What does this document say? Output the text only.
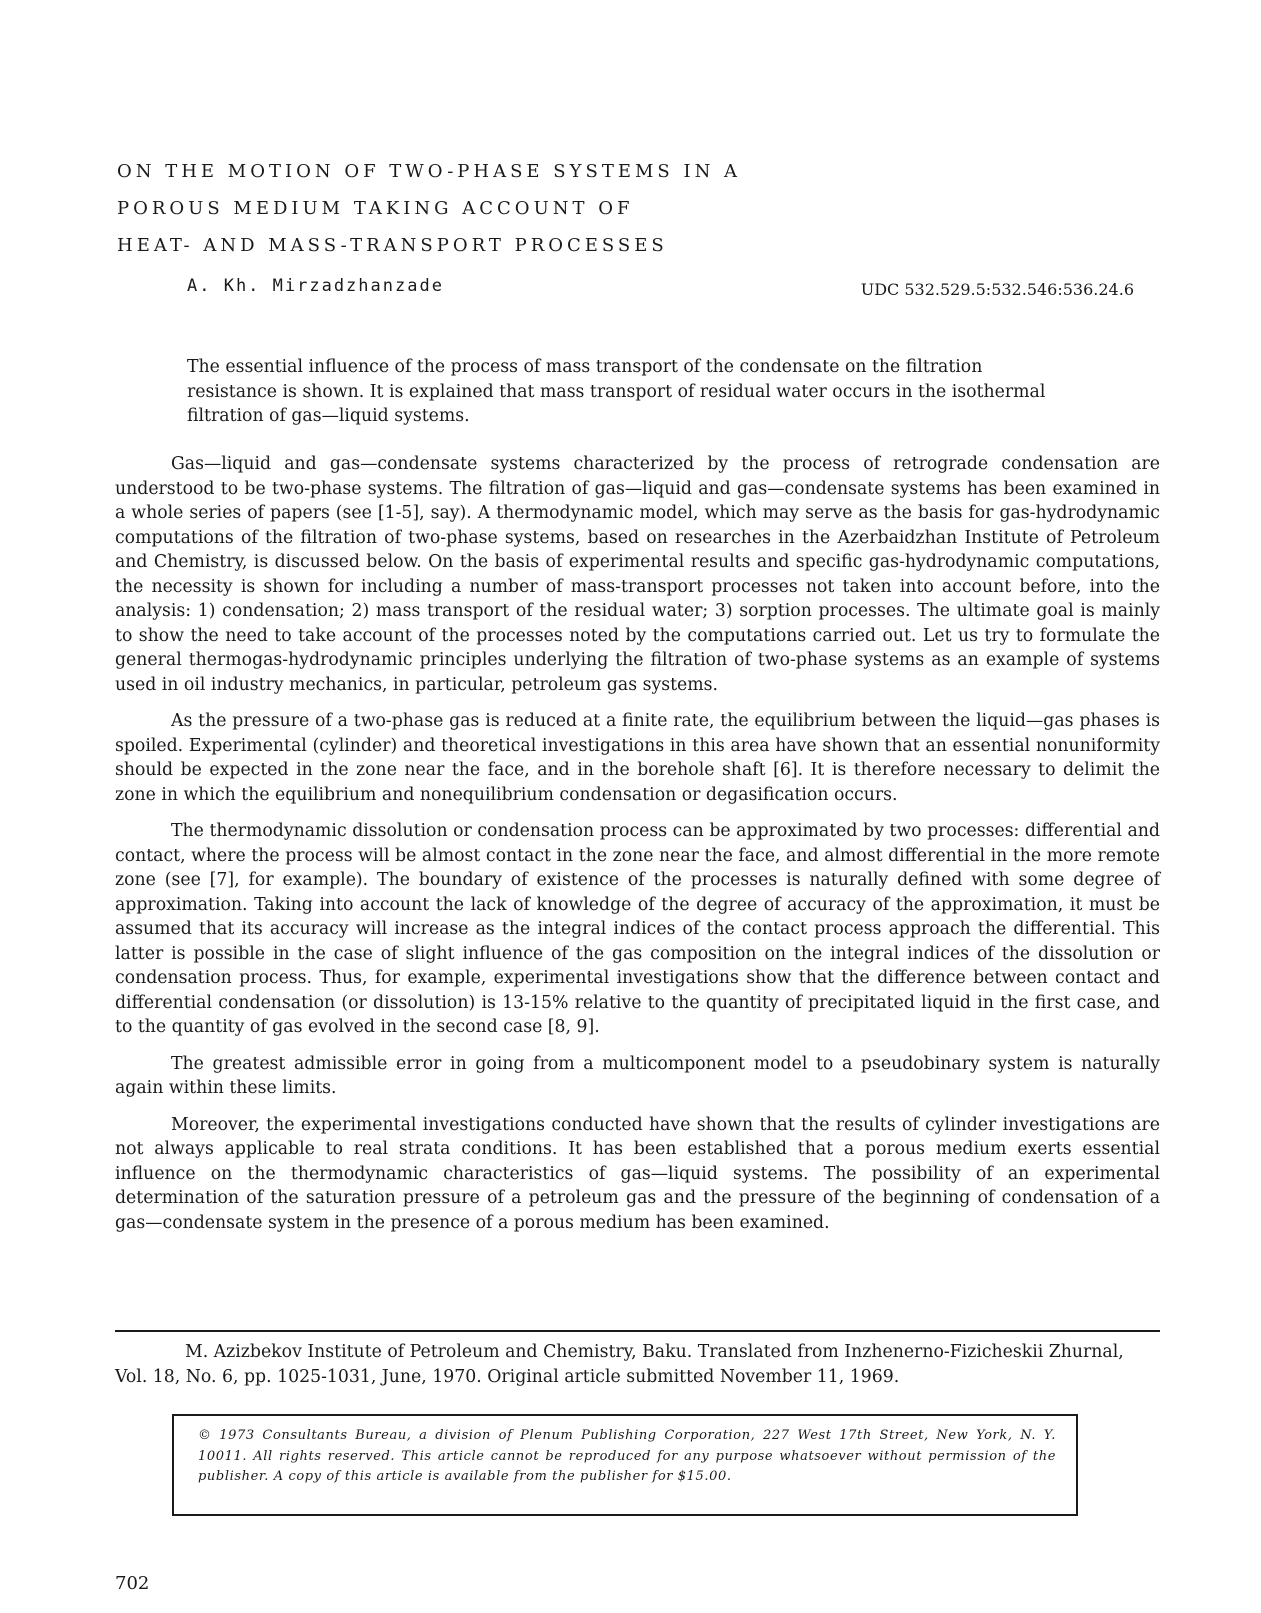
ON THE MOTION OF TWO-PHASE SYSTEMS IN A
POROUS MEDIUM TAKING ACCOUNT OF
HEAT- AND MASS-TRANSPORT PROCESSES
A. Kh. Mirzadzhanzade	UDC 532.529.5:532.546:536.24.6

The essential influence of the process of mass transport of the condensate on the filtration resistance is shown. It is explained that mass transport of residual water occurs in the isothermal filtration of gas—liquid systems.

Gas—liquid and gas—condensate systems characterized by the process of retrograde condensation are understood to be two-phase systems. The filtration of gas—liquid and gas—condensate systems has been examined in a whole series of papers (see [1-5], say). A thermodynamic model, which may serve as the basis for gas-hydrodynamic computations of the filtration of two-phase systems, based on researches in the Azerbaidzhan Institute of Petroleum and Chemistry, is discussed below. On the basis of experimental results and specific gas-hydrodynamic computations, the necessity is shown for including a number of mass-transport processes not taken into account before, into the analysis: 1) condensation; 2) mass transport of the residual water; 3) sorption processes. The ultimate goal is mainly to show the need to take account of the processes noted by the computations carried out. Let us try to formulate the general thermogas-hydrodynamic principles underlying the filtration of two-phase systems as an example of systems used in oil industry mechanics, in particular, petroleum gas systems.

As the pressure of a two-phase gas is reduced at a finite rate, the equilibrium between the liquid—gas phases is spoiled. Experimental (cylinder) and theoretical investigations in this area have shown that an essential nonuniformity should be expected in the zone near the face, and in the borehole shaft [6]. It is therefore necessary to delimit the zone in which the equilibrium and nonequilibrium condensation or degasification occurs.

The thermodynamic dissolution or condensation process can be approximated by two processes: differential and contact, where the process will be almost contact in the zone near the face, and almost differential in the more remote zone (see [7], for example). The boundary of existence of the processes is naturally defined with some degree of approximation. Taking into account the lack of knowledge of the degree of accuracy of the approximation, it must be assumed that its accuracy will increase as the integral indices of the contact process approach the differential. This latter is possible in the case of slight influence of the gas composition on the integral indices of the dissolution or condensation process. Thus, for example, experimental investigations show that the difference between contact and differential condensation (or dissolution) is 13-15% relative to the quantity of precipitated liquid in the first case, and to the quantity of gas evolved in the second case [8, 9].

The greatest admissible error in going from a multicomponent model to a pseudobinary system is naturally again within these limits.

Moreover, the experimental investigations conducted have shown that the results of cylinder investigations are not always applicable to real strata conditions. It has been established that a porous medium exerts essential influence on the thermodynamic characteristics of gas—liquid systems. The possibility of an experimental determination of the saturation pressure of a petroleum gas and the pressure of the beginning of condensation of a gas—condensate system in the presence of a porous medium has been examined.

M. Azizbekov Institute of Petroleum and Chemistry, Baku. Translated from Inzhenerno-Fizicheskii Zhurnal, Vol. 18, No. 6, pp. 1025-1031, June, 1970. Original article submitted November 11, 1969.

© 1973 Consultants Bureau, a division of Plenum Publishing Corporation, 227 West 17th Street, New York, N. Y. 10011. All rights reserved. This article cannot be reproduced for any purpose whatsoever without permission of the publisher. A copy of this article is available from the publisher for $15.00.
702
